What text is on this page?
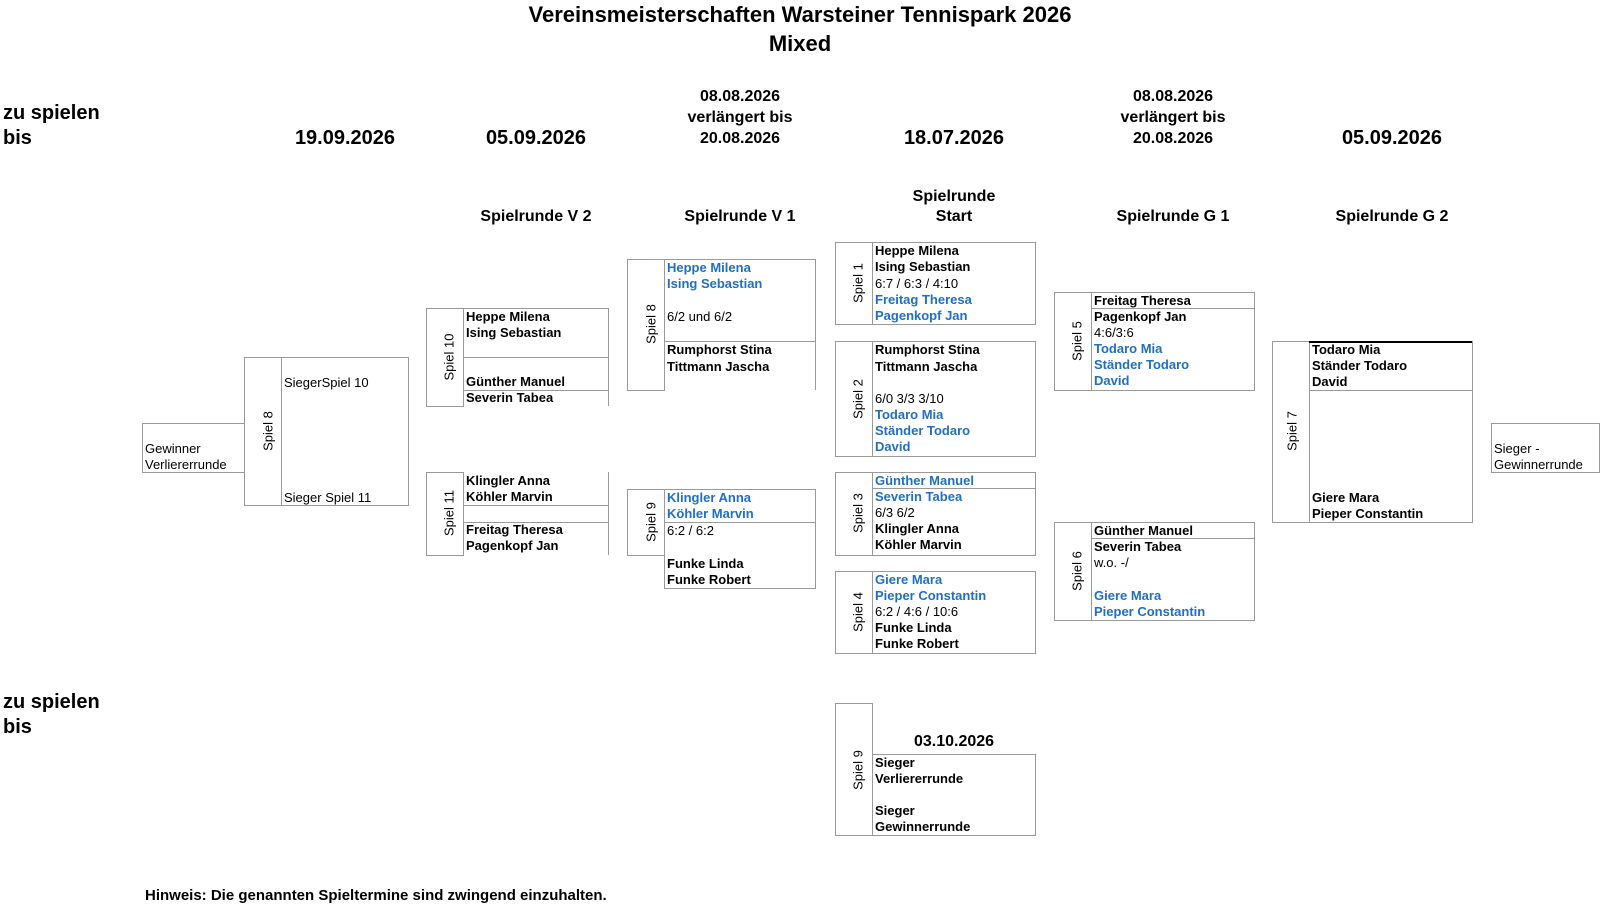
Vereinsmeisterschaften Warsteiner Tennispark 2026
Mixed
zu spielen bis
zu spielen bis
19.09.2026	05.09.2026
08.08.2026
verlängert bis
20.08.2026	18.07.2026
08.08.2026
verlängert bis
20.08.2026	05.09.2026
Spielrunde V 2	Spielrunde V 1
Spielrunde
Start	Spielrunde G 1	Spielrunde G 2
Spiel 1
Heppe Milena
Ising Sebastian
6:7 / 6:3 / 4:10
Freitag Theresa
Pagenkopf Jan
Spiel 2
Rumphorst Stina
Tittmann Jascha
6/0 3/3 3/10
Todaro Mia
Ständer Todaro
David
Spiel 3
Günther Manuel
Severin Tabea
6/3 6/2
Klingler Anna
Köhler Marvin
Spiel 4
Giere Mara
Pieper Constantin
6:2 / 4:6 / 10:6
Funke Linda
Funke Robert
03.10.2026
Spiel 9 Sieger
Verliererrunde
Sieger
Gewinnerrunde
Spiel 5
Freitag Theresa
Pagenkopf Jan
4:6/3:6
Todaro Mia
Ständer Todaro
David
Spiel 6
Günther Manuel
Severin Tabea
w.o. -/
Giere Mara
Pieper Constantin
Spiel 7
Todaro Mia
Ständer Todaro
David
Giere Mara
Pieper Constantin
Sieger -
Gewinnerrunde
Spiel 8
Heppe Milena
Ising Sebastian
6/2 und 6/2
Rumphorst Stina
Tittmann Jascha
Spiel 9
Klingler Anna
Köhler Marvin
6:2 / 6:2
Funke Linda
Funke Robert
Spiel 10
Heppe Milena
Ising Sebastian
Günther Manuel
Severin Tabea
Spiel 11
Klingler Anna
Köhler Marvin
Freitag Theresa
Pagenkopf Jan
Spiel 8
SiegerSpiel 10
Sieger Spiel 11
Gewinner
Verliererrunde
Hinweis: Die genannten Spieltermine sind zwingend einzuhalten.
